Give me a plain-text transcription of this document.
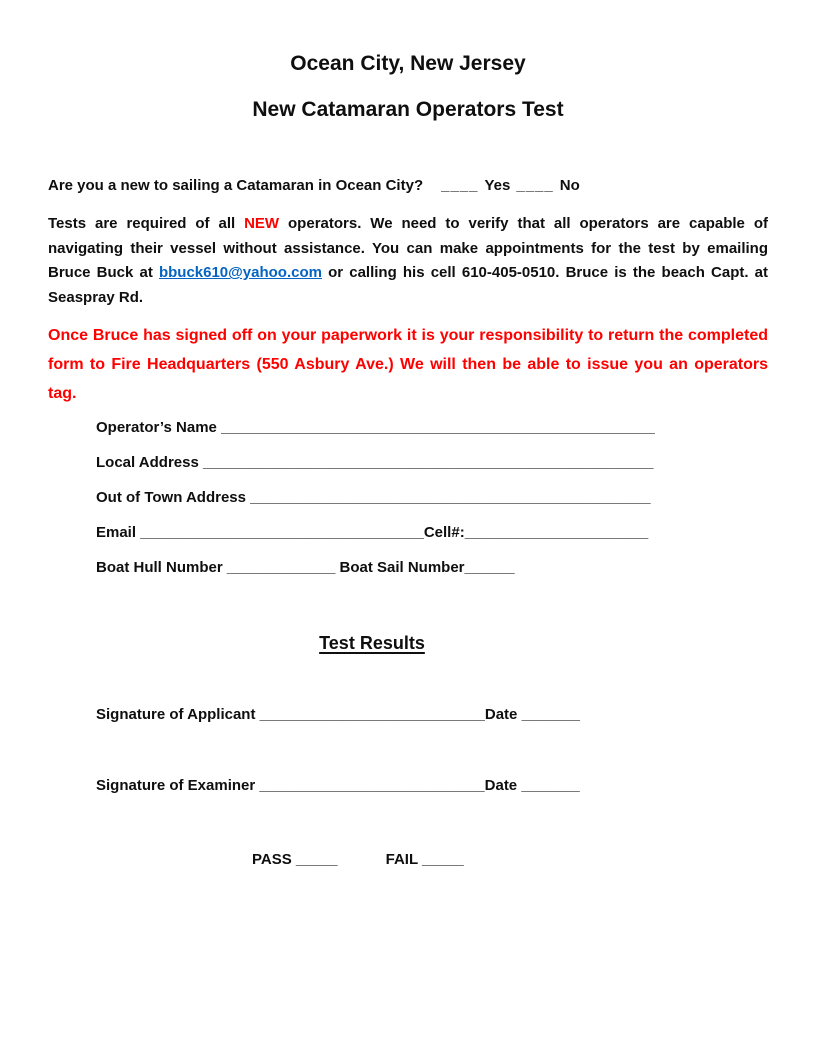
Ocean City, New Jersey
New Catamaran Operators Test

Are you a new to sailing a Catamaran in Ocean City? ____ Yes ____ No

Tests are required of all NEW operators. We need to verify that all operators are capable of navigating their vessel without assistance. You can make appointments for the test by emailing Bruce Buck at bbuck610@yahoo.com or calling his cell 610-405-0510. Bruce is the beach Capt. at Seaspray Rd.

Once Bruce has signed off on your paperwork it is your responsibility to return the completed form to Fire Headquarters (550 Asbury Ave.) We will then be able to issue you an operators tag.

Operator’s Name ____________________________________________________
Local Address ______________________________________________________
Out of Town Address ________________________________________________
Email __________________________________Cell#:______________________
Boat Hull Number _____________ Boat Sail Number______
Test Results
Signature of Applicant ___________________________Date _______
Signature of Examiner ___________________________Date _______
PASS _____	FAIL _____
